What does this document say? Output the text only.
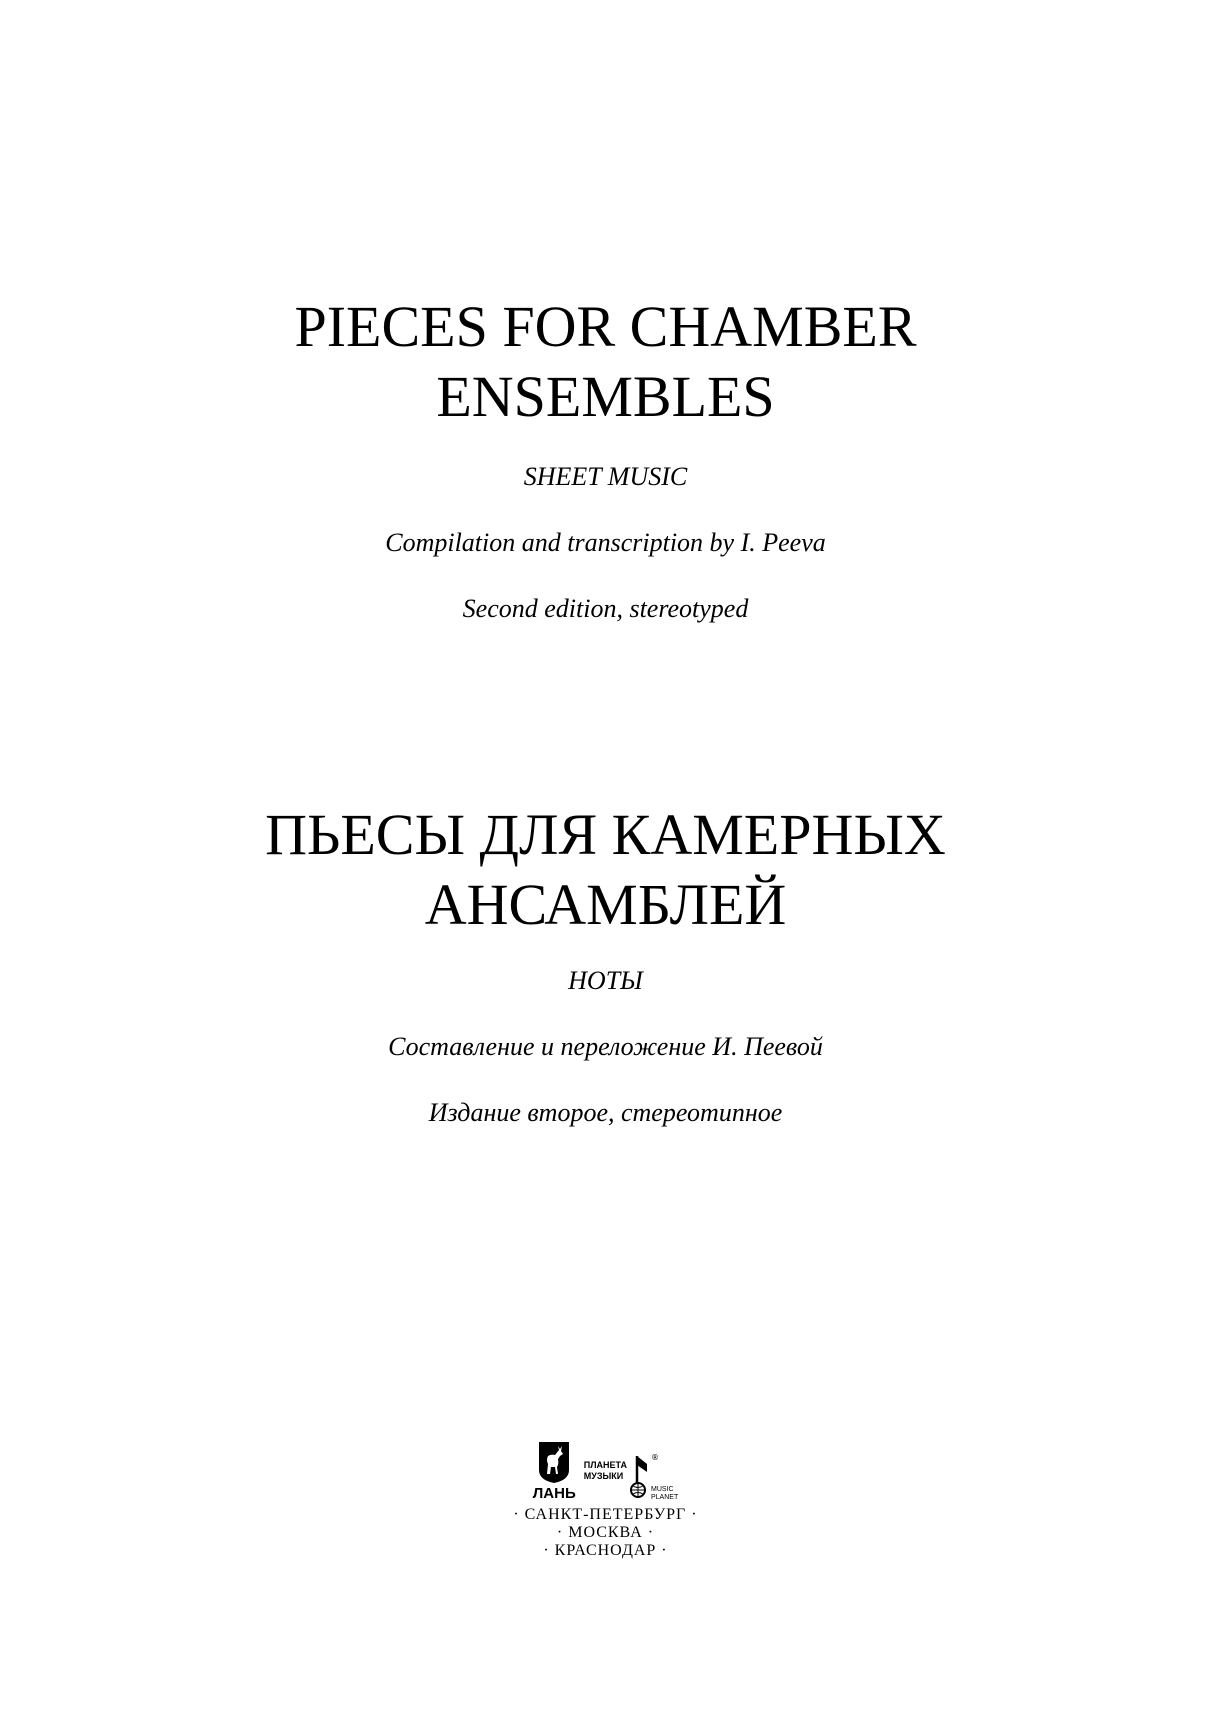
PIECES FOR CHAMBER
ENSEMBLES

SHEET MUSIC

Compilation and transcription by I. Peeva

Second edition, stereotyped

ПЬЕСЫ ДЛЯ КАМЕРНЫХ
АНСАМБЛЕЙ

НОТЫ

Составление и переложение И. Пеевой

Издание второе, стереотипное

ЛАНЬ
ПЛАНЕТА
МУЗЫКИ
®
MUSIC
PLANET
· САНКТ-ПЕТЕРБУРГ ·
· МОСКВА ·
· КРАСНОДАР ·
